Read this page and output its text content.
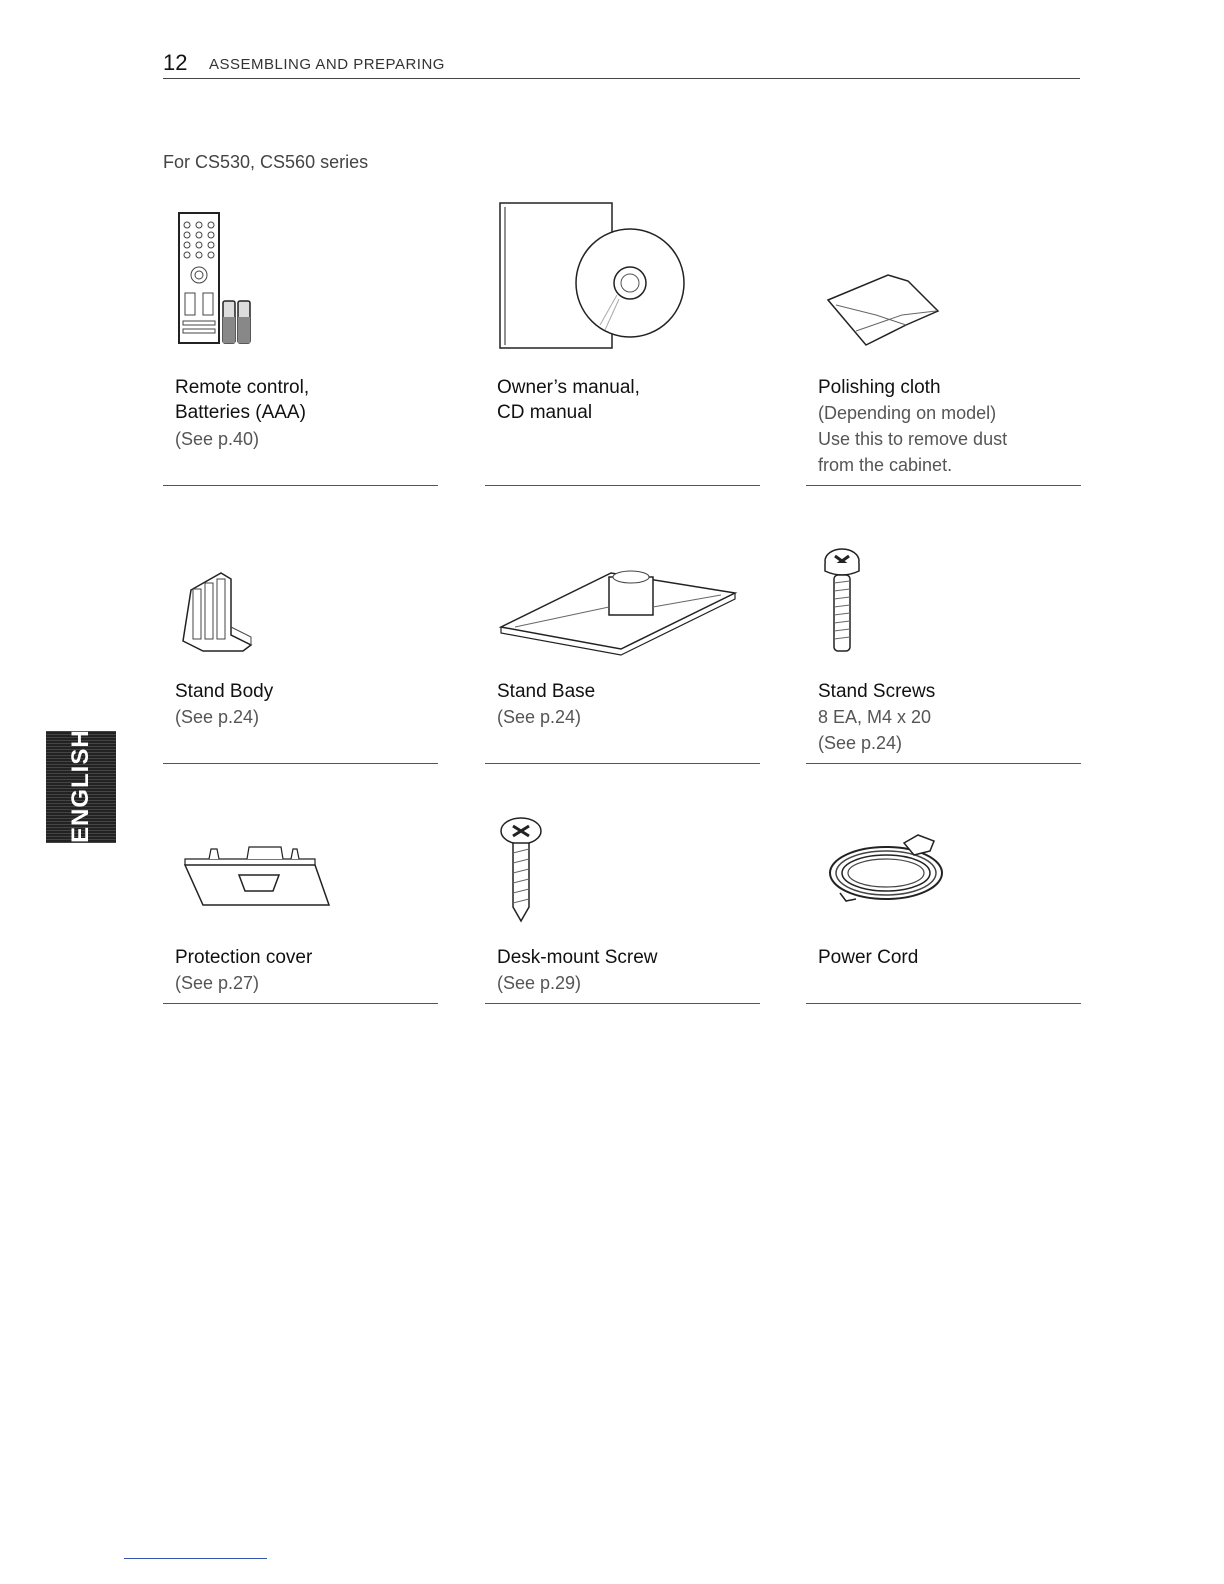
12 ASSEMBLING AND PREPARING
For CS530, CS560 series
ENGLISH
Remote control,
Batteries (AAA)
(See p.40)
Owner’s manual,
CD manual
Polishing cloth
(Depending on model)
Use this to remove dust
from the cabinet.
Stand Body
(See p.24)
Stand Base
(See p.24)
Stand Screws
8 EA, M4 x 20
(See p.24)
Protection cover
(See p.27)
Desk-mount Screw
(See p.29)
Power Cord
